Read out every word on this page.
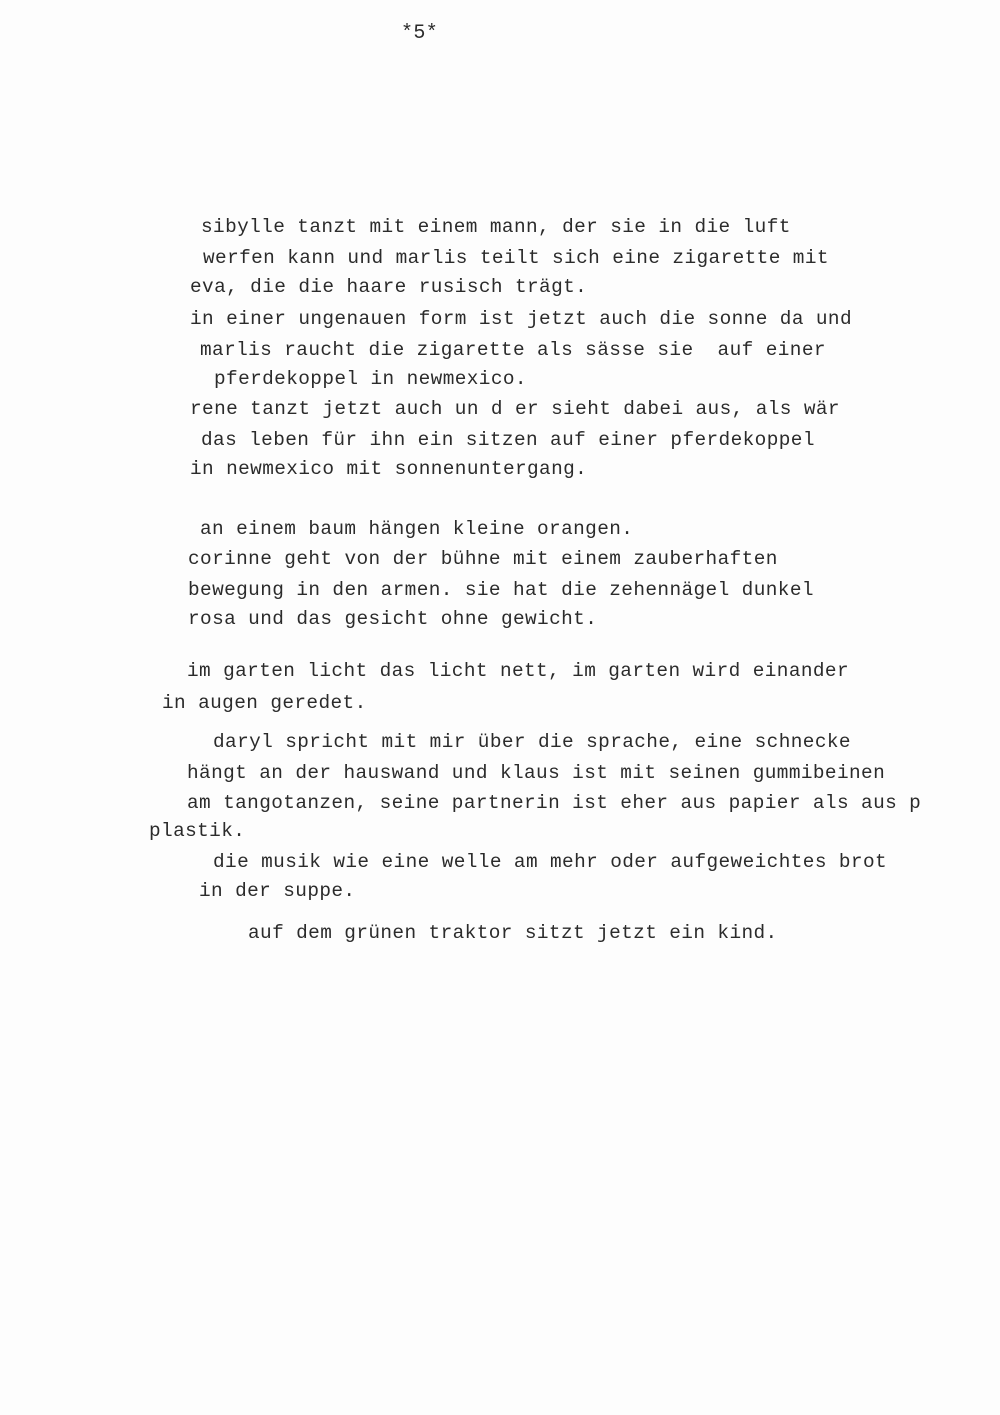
*5*
sibylle tanzt mit einem mann, der sie in die luft
werfen kann und marlis teilt sich eine zigarette mit
eva, die die haare rusisch trägt.
in einer ungenauen form ist jetzt auch die sonne da und
marlis raucht die zigarette als sässe sie  auf einer
pferdekoppel in newmexico.
rene tanzt jetzt auch un d er sieht dabei aus, als wär
das leben für ihn ein sitzen auf einer pferdekoppel
in newmexico mit sonnenuntergang.
an einem baum hängen kleine orangen.
corinne geht von der bühne mit einem zauberhaften
bewegung in den armen. sie hat die zehennägel dunkel
rosa und das gesicht ohne gewicht.
im garten licht das licht nett, im garten wird einander
in augen geredet.
daryl spricht mit mir über die sprache, eine schnecke
hängt an der hauswand und klaus ist mit seinen gummibeinen
am tangotanzen, seine partnerin ist eher aus papier als aus p
plastik.
die musik wie eine welle am mehr oder aufgeweichtes brot
in der suppe.
auf dem grünen traktor sitzt jetzt ein kind.
